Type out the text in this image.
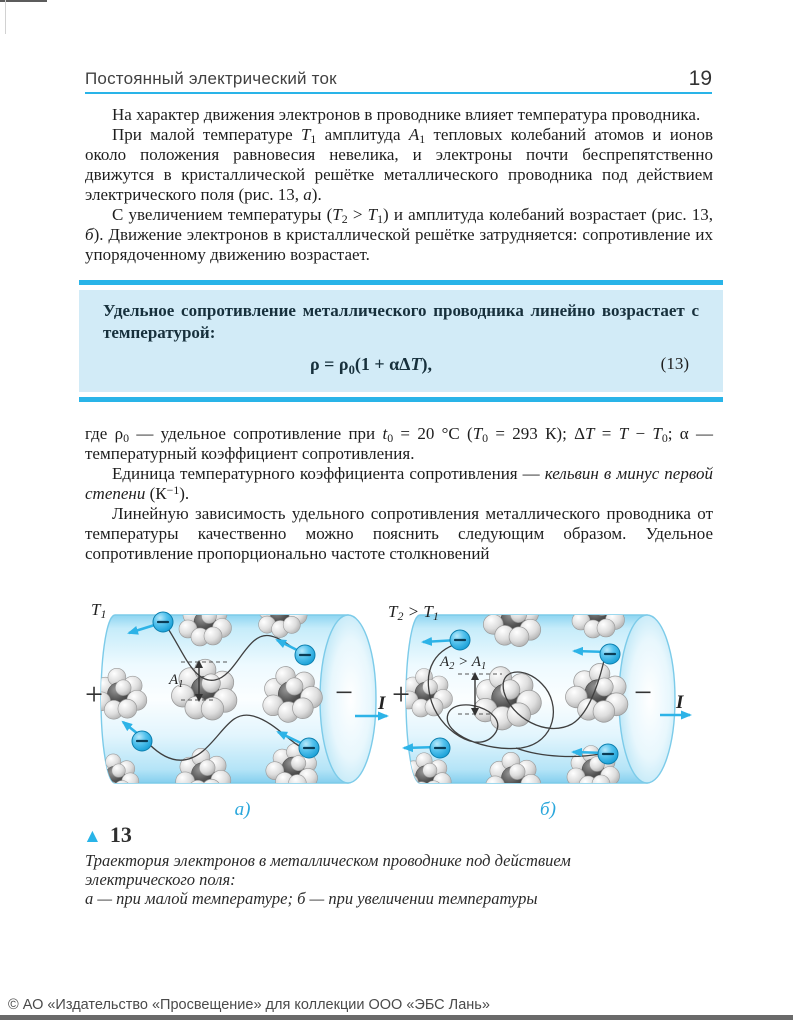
Постоянный электрический ток	19

На характер движения электронов в проводнике влияет температура проводника.

При малой температуре $T_1$ амплитуда $A_1$ тепловых колебаний атомов и ионов около положения равновесия невелика, и электроны почти беспрепятственно движутся в кристаллической решётке металлического проводника под действием электрического поля (рис. 13, а).

С увеличением температуры $(T_2 > T_1)$ и амплитуда колебаний возрастает (рис. 13, б). Движение электронов в кристаллической решётке затрудняется: сопротивление их упорядоченному движению возрастает.

Удельное сопротивление металлического проводника линейно возрастает с температурой:
$\rho = \rho_0(1 + \alpha\Delta T)$,	(13)

где $\rho_0$ — удельное сопротивление при $t_0 = 20$ °C ($T_0 = 293$ К); $\Delta T = T - T_0$; α — температурный коэффициент сопротивления.

Единица температурного коэффициента сопротивления — кельвин в минус первой степени $(К^{-1})$.

Линейную зависимость удельного сопротивления металлического проводника от температуры качественно можно пояснить следующим образом. Удельное сопротивление пропорционально частоте столкновений

$T_1$
+	− I
$A_1$
а)
$T_2 > T_1$
+	− I
$A_2 > A_1$
б)
▲ 13
Траектория электронов в металлическом проводнике под действием электрического поля:
а — при малой температуре; б — при увеличении температуры
© АО «Издательство «Просвещение» для коллекции ООО «ЭБС Лань»
